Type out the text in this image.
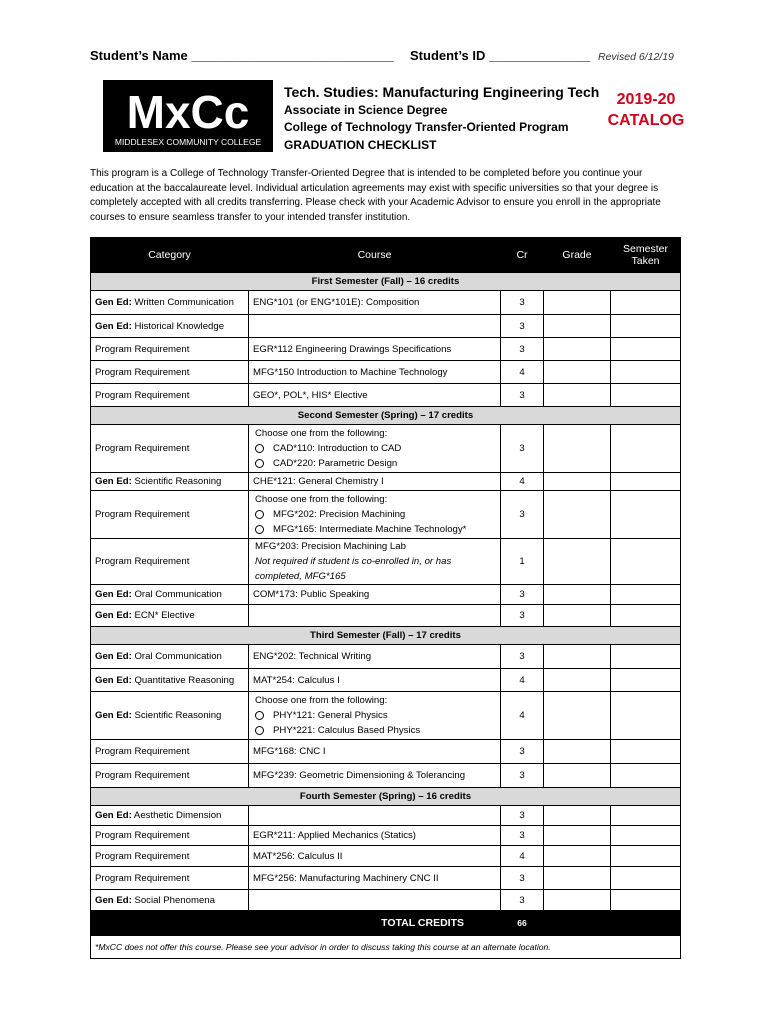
Student’s Name ____________________________ Student’s ID ______________ Revised 6/12/19
MxCc
MIDDLESEX COMMUNITY COLLEGE
Tech. Studies: Manufacturing Engineering Tech
Associate in Science Degree
College of Technology Transfer-Oriented Program
GRADUATION CHECKLIST
2019-20
CATALOG
This program is a College of Technology Transfer-Oriented Degree that is intended to be completed before you continue your education at the baccalaureate level. Individual articulation agreements may exist with specific universities so that your degree is completely accepted with all credits transferring. Please check with your Academic Advisor to ensure you enroll in the appropriate courses to ensure seamless transfer to your intended transfer institution.
Category	Course	Cr	Grade	Semester
Taken
First Semester (Fall) – 16 credits				
Gen Ed: Written Communication	ENG*101 (or ENG*101E): Composition	3		
Gen Ed: Historical Knowledge		3		
Program Requirement	EGR*112 Engineering Drawings Specifications	3		
Program Requirement	MFG*150 Introduction to Machine Technology	4		
Program Requirement	GEO*, POL*, HIS* Elective	3		
Second Semester (Spring) – 17 credits				
Program Requirement	Choose one from the following:
CAD*110: Introduction to CAD
CAD*220: Parametric Design	3		
Gen Ed: Scientific Reasoning	CHE*121: General Chemistry I	4		
Program Requirement	Choose one from the following:
MFG*202: Precision Machining
MFG*165: Intermediate Machine Technology*	3		
Program Requirement	MFG*203: Precision Machining Lab
Not required if student is co-enrolled in, or has completed, MFG*165	1		
Gen Ed: Oral Communication	COM*173: Public Speaking	3		
Gen Ed: ECN* Elective		3		
Third Semester (Fall) – 17 credits				
Gen Ed: Oral Communication	ENG*202: Technical Writing	3		
Gen Ed: Quantitative Reasoning	MAT*254: Calculus I	4		
Gen Ed: Scientific Reasoning	Choose one from the following:
PHY*121: General Physics
PHY*221: Calculus Based Physics	4		
Program Requirement	MFG*168: CNC I	3		
Program Requirement	MFG*239: Geometric Dimensioning & Tolerancing	3		
Fourth Semester (Spring) – 16 credits				
Gen Ed: Aesthetic Dimension		3		
Program Requirement	EGR*211: Applied Mechanics (Statics)	3		
Program Requirement	MAT*256: Calculus II	4		
Program Requirement	MFG*256: Manufacturing Machinery CNC II	3		
Gen Ed: Social Phenomena		3		
TOTAL CREDITS		66		
*MxCC does not offer this course. Please see your advisor in order to discuss taking this course at an alternate location.				
